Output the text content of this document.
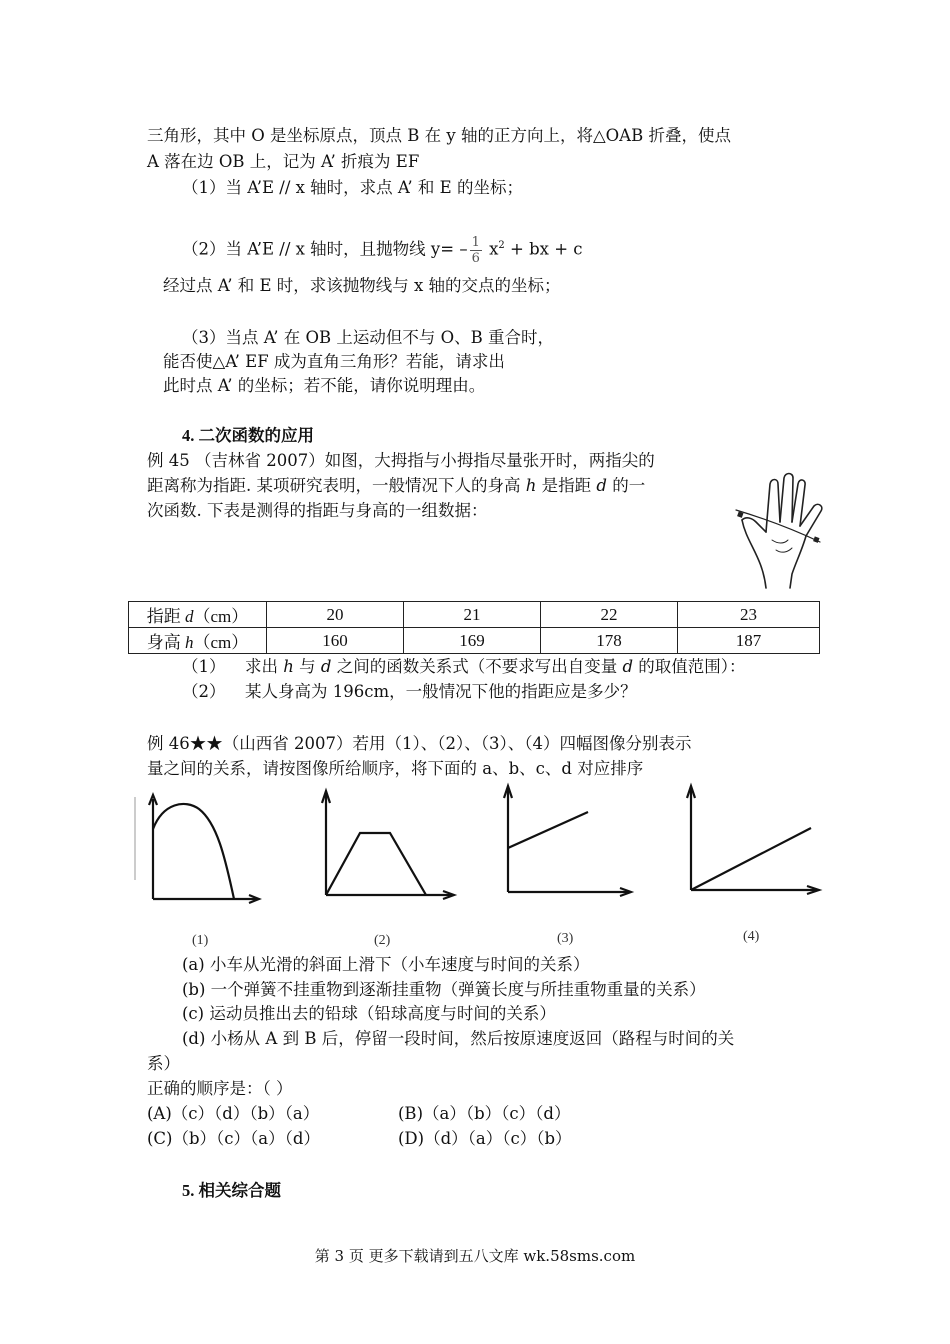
三角形，其中 O 是坐标原点，顶点 B 在 y 轴的正方向上，将△OAB 折叠，使点
A 落在边 OB 上，记为 A’ 折痕为 EF
（1）当 A’E // x 轴时，求点 A’ 和 E 的坐标；
（2）当 A’E // x 轴时，且抛物线 $y= - \frac{1}{6} x^2$ + bx + c
经过点 A’ 和 E 时，求该抛物线与 x 轴的交点的坐标；
（3）当点 A’ 在 OB 上运动但不与 O、B 重合时，
能否使△A’ EF 成为直角三角形？若能，请求出
此时点 A’ 的坐标；若不能，请你说明理由。
4. 二次函数的应用
例 45 （吉林省 2007）如图，大拇指与小拇指尽量张开时，两指尖的
距离称为指距. 某项研究表明，一般情况下人的身高 h 是指距 d 的一
次函数. 下表是测得的指距与身高的一组数据：
指距 d（cm）	20	21	22	23
身高 h（cm）	160	169	178	187
（1） 求出 h 与 d 之间的函数关系式（不要求写出自变量 d 的取值范围）：
（2） 某人身高为 196cm，一般情况下他的指距应是多少？
例 46★★（山西省 2007）若用（1）、（2）、（3）、（4）四幅图像分别表示
量之间的关系，请按图像所给顺序，将下面的 a、b、c、d 对应排序
(1)	(2)	(3)	(4)
(a) 小车从光滑的斜面上滑下（小车速度与时间的关系）
(b) 一个弹簧不挂重物到逐渐挂重物（弹簧长度与所挂重物重量的关系）
(c) 运动员推出去的铅球（铅球高度与时间的关系）
(d) 小杨从 A 到 B 后，停留一段时间，然后按原速度返回（路程与时间的关
系）
正确的顺序是：（ ）
(A)（c）（d）（b）（a）	(B)（a）（b）（c）（d）
(C)（b）（c）（a）（d）	(D)（d）（a）（c）（b）
5. 相关综合题
第 3 页 更多下载请到五八文库 wk.58sms.com
